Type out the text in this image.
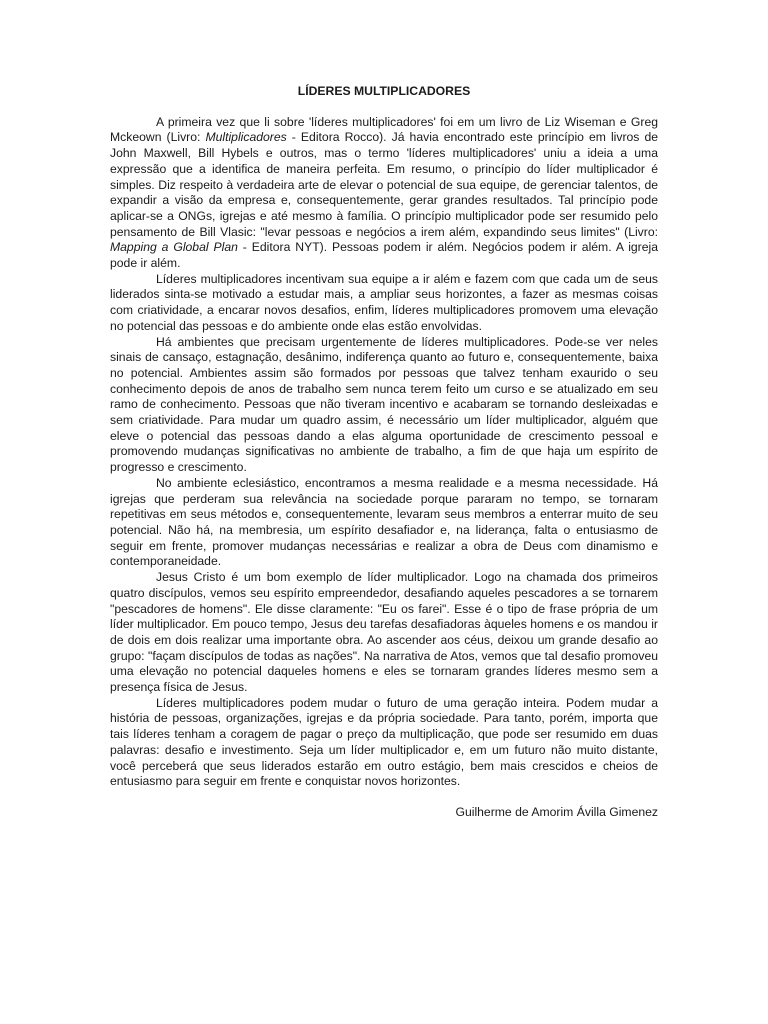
LÍDERES MULTIPLICADORES

A primeira vez que li sobre 'líderes multiplicadores' foi em um livro de Liz Wiseman e Greg Mckeown (Livro: Multiplicadores - Editora Rocco). Já havia encontrado este princípio em livros de John Maxwell, Bill Hybels e outros, mas o termo 'líderes multiplicadores' uniu a ideia a uma expressão que a identifica de maneira perfeita. Em resumo, o princípio do líder multiplicador é simples. Diz respeito à verdadeira arte de elevar o potencial de sua equipe, de gerenciar talentos, de expandir a visão da empresa e, consequentemente, gerar grandes resultados. Tal princípio pode aplicar-se a ONGs, igrejas e até mesmo à família. O princípio multiplicador pode ser resumido pelo pensamento de Bill Vlasic: "levar pessoas e negócios a irem além, expandindo seus limites" (Livro: Mapping a Global Plan - Editora NYT). Pessoas podem ir além. Negócios podem ir além. A igreja pode ir além.

Líderes multiplicadores incentivam sua equipe a ir além e fazem com que cada um de seus liderados sinta-se motivado a estudar mais, a ampliar seus horizontes, a fazer as mesmas coisas com criatividade, a encarar novos desafios, enfim, líderes multiplicadores promovem uma elevação no potencial das pessoas e do ambiente onde elas estão envolvidas.

Há ambientes que precisam urgentemente de líderes multiplicadores. Pode-se ver neles sinais de cansaço, estagnação, desânimo, indiferença quanto ao futuro e, consequentemente, baixa no potencial. Ambientes assim são formados por pessoas que talvez tenham exaurido o seu conhecimento depois de anos de trabalho sem nunca terem feito um curso e se atualizado em seu ramo de conhecimento. Pessoas que não tiveram incentivo e acabaram se tornando desleixadas e sem criatividade. Para mudar um quadro assim, é necessário um líder multiplicador, alguém que eleve o potencial das pessoas dando a elas alguma oportunidade de crescimento pessoal e promovendo mudanças significativas no ambiente de trabalho, a fim de que haja um espírito de progresso e crescimento.

No ambiente eclesiástico, encontramos a mesma realidade e a mesma necessidade. Há igrejas que perderam sua relevância na sociedade porque pararam no tempo, se tornaram repetitivas em seus métodos e, consequentemente, levaram seus membros a enterrar muito de seu potencial. Não há, na membresia, um espírito desafiador e, na liderança, falta o entusiasmo de seguir em frente, promover mudanças necessárias e realizar a obra de Deus com dinamismo e contemporaneidade.

Jesus Cristo é um bom exemplo de líder multiplicador. Logo na chamada dos primeiros quatro discípulos, vemos seu espírito empreendedor, desafiando aqueles pescadores a se tornarem "pescadores de homens". Ele disse claramente: "Eu os farei". Esse é o tipo de frase própria de um líder multiplicador. Em pouco tempo, Jesus deu tarefas desafiadoras àqueles homens e os mandou ir de dois em dois realizar uma importante obra. Ao ascender aos céus, deixou um grande desafio ao grupo: "façam discípulos de todas as nações". Na narrativa de Atos, vemos que tal desafio promoveu uma elevação no potencial daqueles homens e eles se tornaram grandes líderes mesmo sem a presença física de Jesus.

Líderes multiplicadores podem mudar o futuro de uma geração inteira. Podem mudar a história de pessoas, organizações, igrejas e da própria sociedade. Para tanto, porém, importa que tais líderes tenham a coragem de pagar o preço da multiplicação, que pode ser resumido em duas palavras: desafio e investimento. Seja um líder multiplicador e, em um futuro não muito distante, você perceberá que seus liderados estarão em outro estágio, bem mais crescidos e cheios de entusiasmo para seguir em frente e conquistar novos horizontes.

Guilherme de Amorim Ávilla Gimenez
